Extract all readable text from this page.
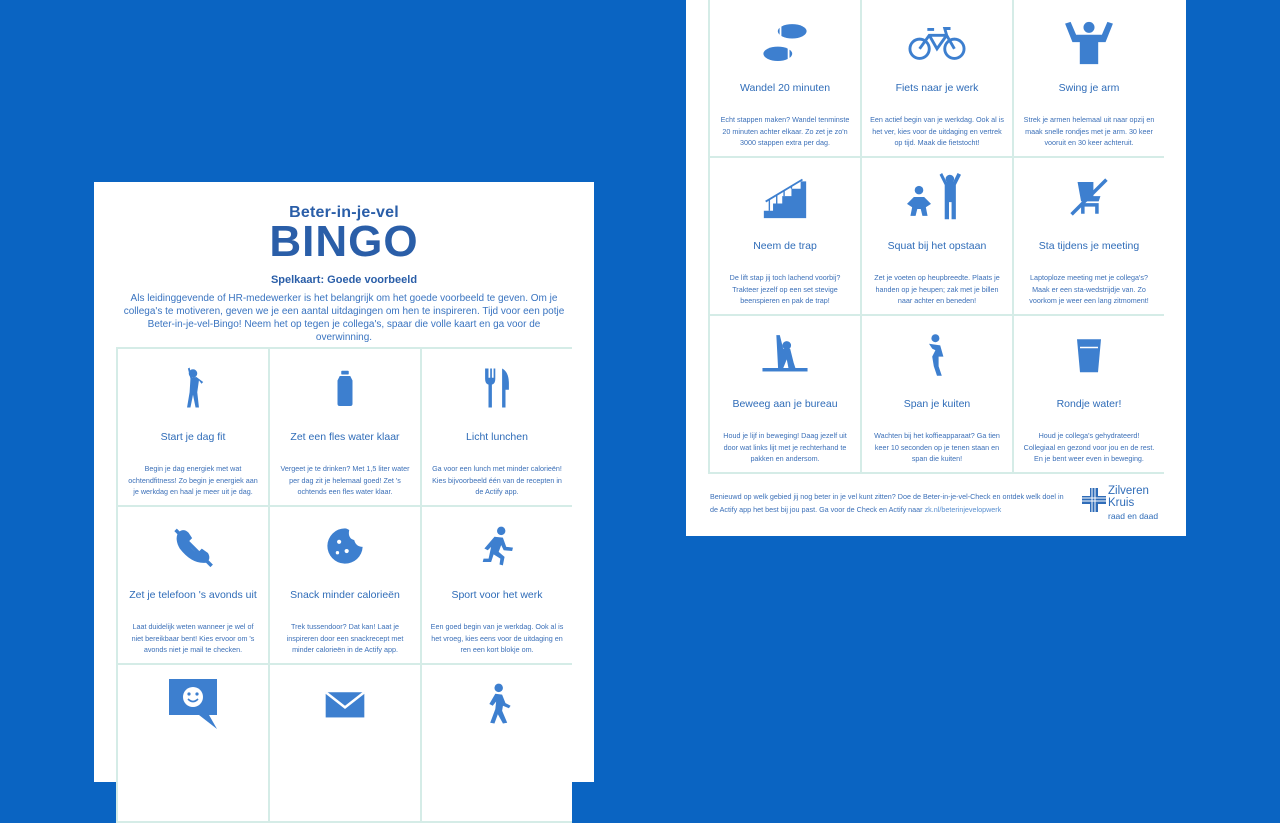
Beter-in-je-vel
BINGO
Spelkaart: Goede voorbeeld
Als leidinggevende of HR-medewerker is het belangrijk om het goede voorbeeld te geven. Om je collega's te motiveren, geven we je een aantal uitdagingen om hen te inspireren. Tijd voor een potje Beter-in-je-vel-Bingo! Neem het op tegen je collega's, spaar die volle kaart en ga voor de overwinning.
Start je dag fit
Begin je dag energiek met wat ochtendfitness! Zo begin je energiek aan je werkdag en haal je meer uit je dag.
Zet een fles water klaar
Vergeet je te drinken? Met 1,5 liter water per dag zit je helemaal goed! Zet 's ochtends een fles water klaar.
Licht lunchen
Ga voor een lunch met minder calorieën! Kies bijvoorbeeld één van de recepten in de Actify app.
Zet je telefoon 's avonds uit
Laat duidelijk weten wanneer je wel of niet bereikbaar bent! Kies ervoor om 's avonds niet je mail te checken.
Snack minder calorieën
Trek tussendoor? Dat kan! Laat je inspireren door een snackrecept met minder calorieën in de Actify app.
Sport voor het werk
Een goed begin van je werkdag. Ook al is het vroeg, kies eens voor de uitdaging en ren een kort blokje om.
Wandel 20 minuten
Echt stappen maken? Wandel tenminste 20 minuten achter elkaar. Zo zet je zo'n 3000 stappen extra per dag.
Fiets naar je werk
Een actief begin van je werkdag. Ook al is het ver, kies voor de uitdaging en vertrek op tijd. Maak die fietstocht!
Swing je arm
Strek je armen helemaal uit naar opzij en maak snelle rondjes met je arm. 30 keer vooruit en 30 keer achteruit.
Neem de trap
De lift stap jij toch lachend voorbij? Trakteer jezelf op een set stevige beenspieren en pak de trap!
Squat bij het opstaan
Zet je voeten op heupbreedte. Plaats je handen op je heupen; zak met je billen naar achter en beneden!
Sta tijdens je meeting
Laptoploze meeting met je collega's? Maak er een sta-wedstrijdje van. Zo voorkom je weer een lang zitmoment!
Beweeg aan je bureau
Houd je lijf in beweging! Daag jezelf uit door wat links lijt met je rechterhand te pakken en andersom.
Span je kuiten
Wachten bij het koffieapparaat? Ga tien keer 10 seconden op je tenen staan en span die kuiten!
Rondje water!
Houd je collega's gehydrateerd! Collegiaal en gezond voor jou en de rest. En je bent weer even in beweging.
Benieuwd op welk gebied jij nog beter in je vel kunt zitten? Doe de Beter-in-je-vel-Check en ontdek welk doel in de Actify app het best bij jou past. Ga voor de Check en Actify naar zk.nl/beterinjevelopwerk
Zilveren
Kruis
raad en daad
